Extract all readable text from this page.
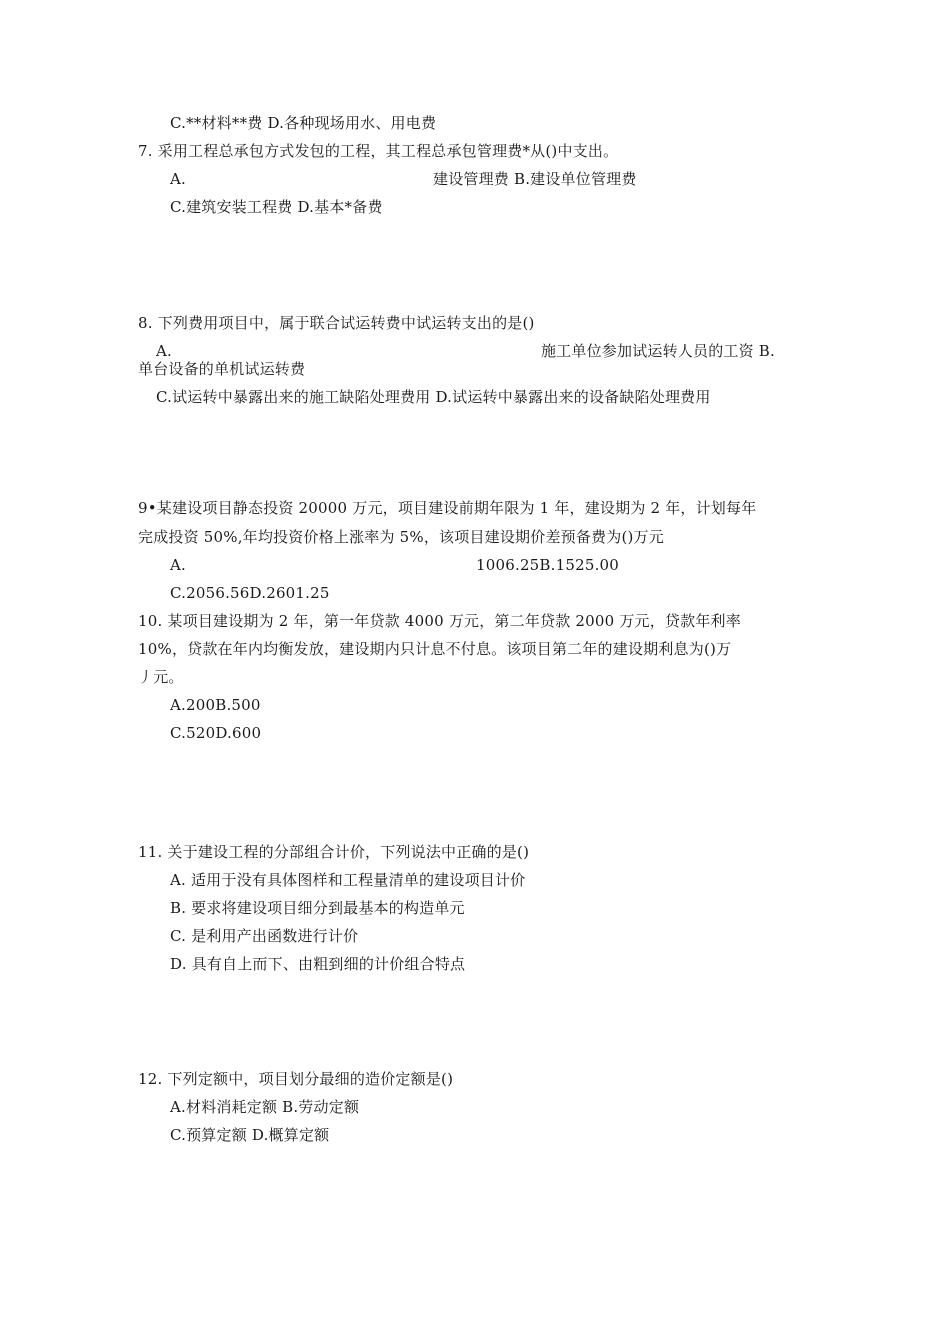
C.**材料**费 D.各种现场用水、用电费
7. 采用工程总承包方式发包的工程，其工程总承包管理费*从()中支出。
A.	建设管理费 B.建设单位管理费
C.建筑安装工程费 D.基本*备费
8. 下列费用项目中，属于联合试运转费中试运转支出的是()
A.	施工单位参加试运转人员的工资 B.
单台设备的单机试运转费
C.试运转中暴露出来的施工缺陷处理费用 D.试运转中暴露出来的设备缺陷处理费用
9•某建设项目静态投资 20000 万元，项目建设前期年限为 1 年，建设期为 2 年，计划每年
完成投资 50%,年均投资价格上涨率为 5%，该项目建设期价差预备费为()万元
A.	1006.25B.1525.00
C.2056.56D.2601.25
10. 某项目建设期为 2 年，第一年贷款 4000 万元，第二年贷款 2000 万元，贷款年利率
10%，贷款在年内均衡发放，建设期内只计息不付息。该项目第二年的建设期利息为()万
丿元。
A.200B.500
C.520D.600
11. 关于建设工程的分部组合计价，下列说法中正确的是()
A. 适用于没有具体图样和工程量清单的建设项目计价
B. 要求将建设项目细分到最基本的构造单元
C. 是利用产出函数进行计价
D. 具有自上而下、由粗到细的计价组合特点
12. 下列定额中，项目划分最细的造价定额是()
A.材料消耗定额 B.劳动定额
C.预算定额 D.概算定额
